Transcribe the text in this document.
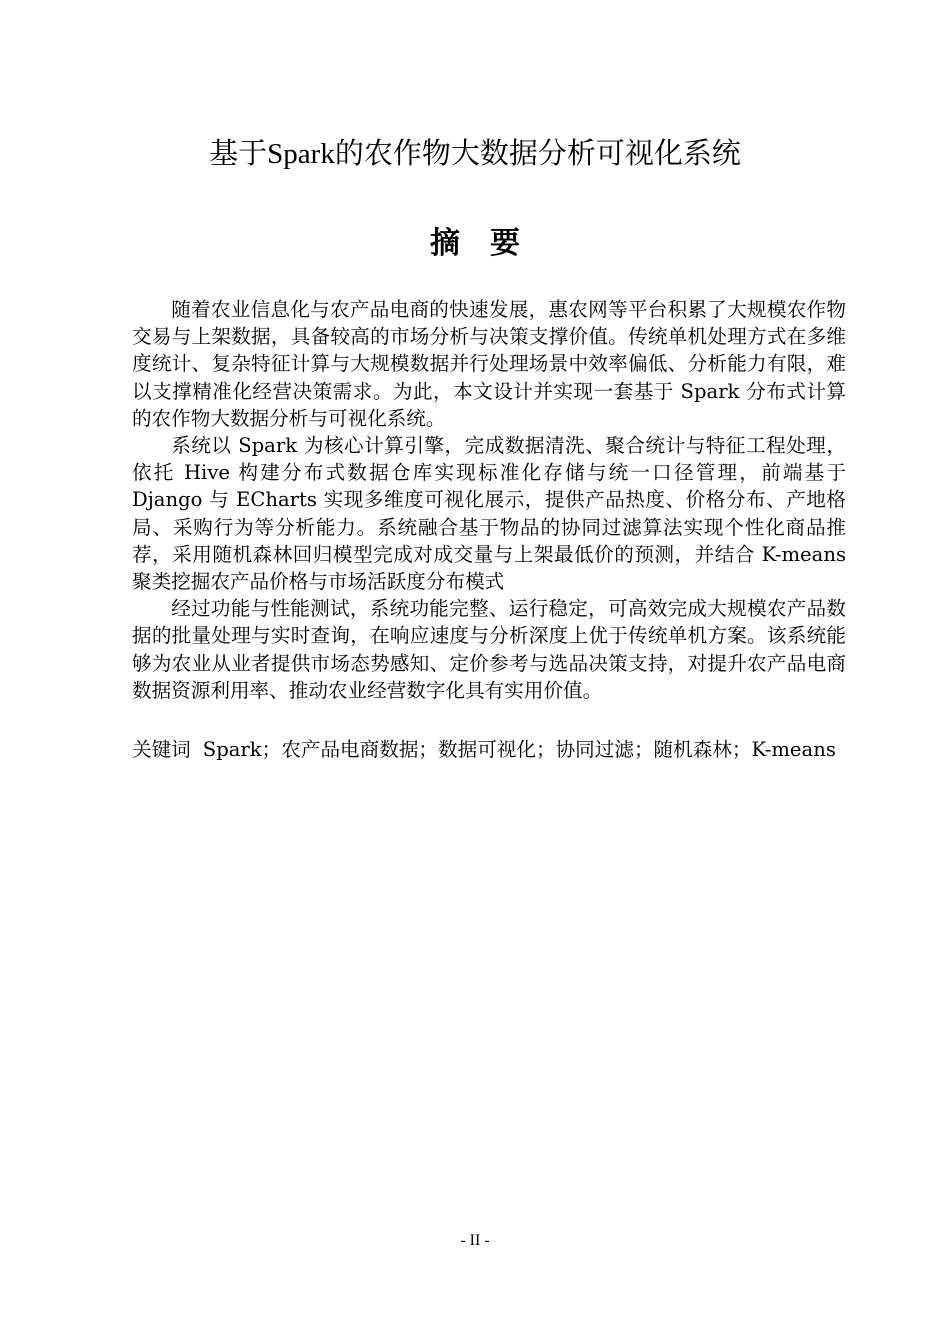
基于Spark的农作物大数据分析可视化系统
摘要

随着农业信息化与农产品电商的快速发展，惠农网等平台积累了大规模农作物交易与上架数据，具备较高的市场分析与决策支撑价值。传统单机处理方式在多维度统计、复杂特征计算与大规模数据并行处理场景中效率偏低、分析能力有限，难以支撑精准化经营决策需求。为此，本文设计并实现一套基于 Spark 分布式计算的农作物大数据分析与可视化系统。

系统以 Spark 为核心计算引擎，完成数据清洗、聚合统计与特征工程处理，依托 Hive 构建分布式数据仓库实现标准化存储与统一口径管理，前端基于 Django 与 ECharts 实现多维度可视化展示，提供产品热度、价格分布、产地格局、采购行为等分析能力。系统融合基于物品的协同过滤算法实现个性化商品推荐，采用随机森林回归模型完成对成交量与上架最低价的预测，并结合 K-means 聚类挖掘农产品价格与市场活跃度分布模式

经过功能与性能测试，系统功能完整、运行稳定，可高效完成大规模农产品数据的批量处理与实时查询，在响应速度与分析深度上优于传统单机方案。该系统能够为农业从业者提供市场态势感知、定价参考与选品决策支持，对提升农产品电商数据资源利用率、推动农业经营数字化具有实用价值。

关键词 Spark；农产品电商数据；数据可视化；协同过滤；随机森林；K-means
- II -
